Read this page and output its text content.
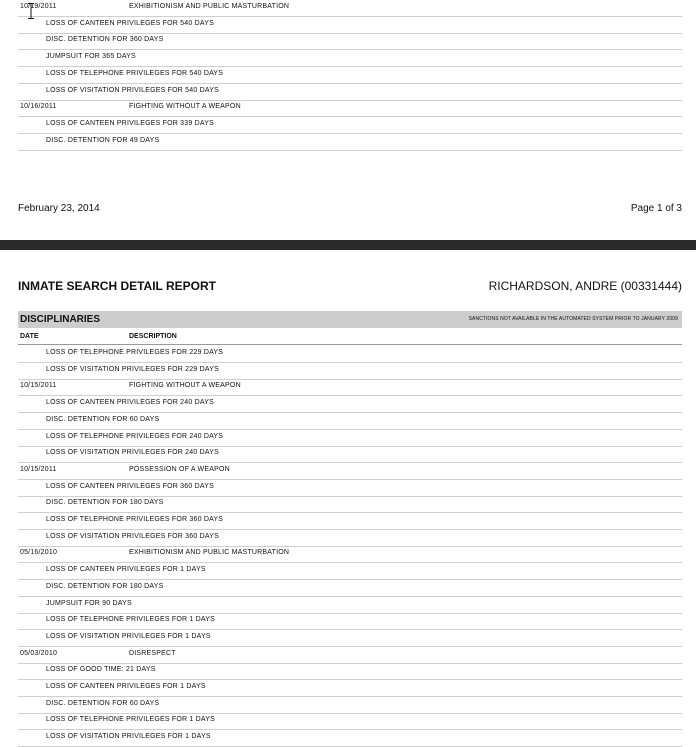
10/19/2011	EXHIBITIONISM AND PUBLIC MASTURBATION
LOSS OF CANTEEN PRIVILEGES FOR 540 DAYS
DISC. DETENTION FOR 360 DAYS
JUMPSUIT FOR 365 DAYS
LOSS OF TELEPHONE PRIVILEGES FOR 540 DAYS
LOSS OF VISITATION PRIVILEGES FOR 540 DAYS
10/16/2011	FIGHTING WITHOUT A WEAPON
LOSS OF CANTEEN PRIVILEGES FOR 339 DAYS
DISC. DETENTION FOR 49 DAYS
February 23, 2014	Page 1 of 3
INMATE SEARCH DETAIL REPORT	RICHARDSON, ANDRE (00331444)
DISCIPLINARIES	SANCTIONS NOT AVAILABLE IN THE AUTOMATED SYSTEM PRIOR TO JANUARY 2009
DATE	DESCRIPTION
LOSS OF TELEPHONE PRIVILEGES FOR 229 DAYS
LOSS OF VISITATION PRIVILEGES FOR 229 DAYS
10/15/2011	FIGHTING WITHOUT A WEAPON
LOSS OF CANTEEN PRIVILEGES FOR 240 DAYS
DISC. DETENTION FOR 60 DAYS
LOSS OF TELEPHONE PRIVILEGES FOR 240 DAYS
LOSS OF VISITATION PRIVILEGES FOR 240 DAYS
10/15/2011	POSSESSION OF A WEAPON
LOSS OF CANTEEN PRIVILEGES FOR 360 DAYS
DISC. DETENTION FOR 180 DAYS
LOSS OF TELEPHONE PRIVILEGES FOR 360 DAYS
LOSS OF VISITATION PRIVILEGES FOR 360 DAYS
05/16/2010	EXHIBITIONISM AND PUBLIC MASTURBATION
LOSS OF CANTEEN PRIVILEGES FOR 1 DAYS
DISC. DETENTION FOR 180 DAYS
JUMPSUIT FOR 90 DAYS
LOSS OF TELEPHONE PRIVILEGES FOR 1 DAYS
LOSS OF VISITATION PRIVILEGES FOR 1 DAYS
05/03/2010	DISRESPECT
LOSS OF GOOD TIME: 21 DAYS
LOSS OF CANTEEN PRIVILEGES FOR 1 DAYS
DISC. DETENTION FOR 60 DAYS
LOSS OF TELEPHONE PRIVILEGES FOR 1 DAYS
LOSS OF VISITATION PRIVILEGES FOR 1 DAYS
